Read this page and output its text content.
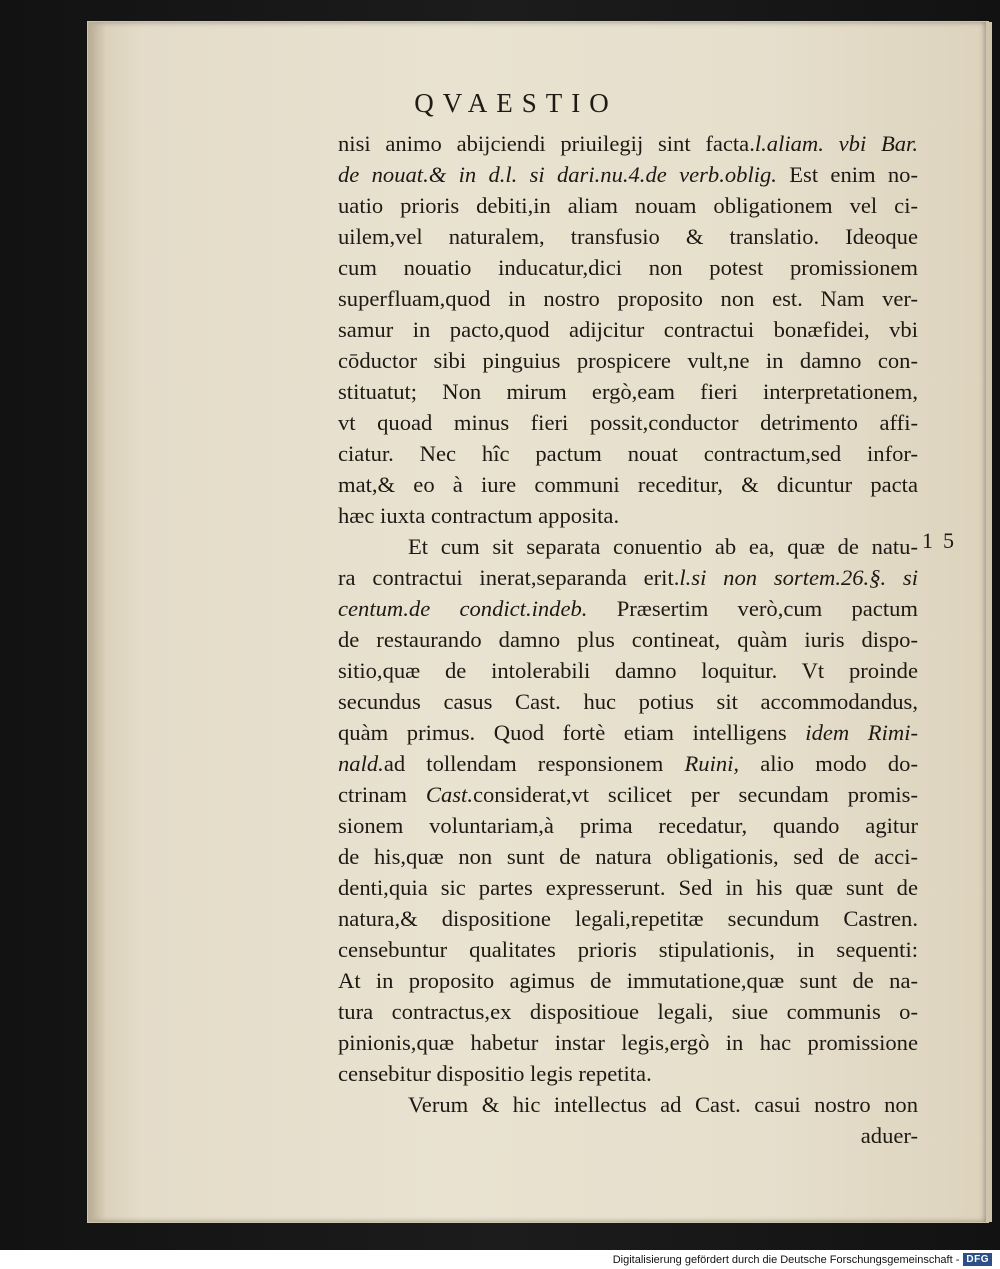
QVAESTIO
nisi animo abijciendi priuilegij sint facta.l.aliam. vbi Bar.
de nouat.& in d.l. si dari.nu.4.de verb.oblig. Est enim no-
uatio prioris debiti,in aliam nouam obligationem vel ci-
uilem,vel naturalem, transfusio & translatio. Ideoque
cum nouatio inducatur,dici non potest promissionem
superfluam,quod in nostro proposito non est. Nam ver-
samur in pacto,quod adijcitur contractui bonæfidei, vbi
cōductor sibi pinguius prospicere vult,ne in damno con-
stituatut; Non mirum ergò,eam fieri interpretationem,
vt quoad minus fieri possit,conductor detrimento affi-
ciatur. Nec hîc pactum nouat contractum,sed infor-
mat,& eo à iure communi receditur, & dicuntur pacta
hæc iuxta contractum apposita.
Et cum sit separata conuentio ab ea, quæ de natu-
ra contractui inerat,separanda erit.l.si non sortem.26.§. si
centum.de condict.indeb. Præsertim verò,cum pactum
de restaurando damno plus contineat, quàm iuris dispo-
sitio,quæ de intolerabili damno loquitur. Vt proinde
secundus casus Cast. huc potius sit accommodandus,
quàm primus. Quod fortè etiam intelligens idem Rimi-
nald.ad tollendam responsionem Ruini, alio modo do-
ctrinam Cast.considerat,vt scilicet per secundam promis-
sionem voluntariam,à prima recedatur, quando agitur
de his,quæ non sunt de natura obligationis, sed de acci-
denti,quia sic partes expresserunt. Sed in his quæ sunt de
natura,& dispositione legali,repetitæ secundum Castren.
censebuntur qualitates prioris stipulationis, in sequenti:
At in proposito agimus de immutatione,quæ sunt de na-
tura contractus,ex dispositioue legali, siue communis o-
pinionis,quæ habetur instar legis,ergò in hac promissione
censebitur dispositio legis repetita.
Verum & hic intellectus ad Cast. casui nostro non
aduer-
15
Digitalisierung gefördert durch die Deutsche Forschungsgemeinschaft - DFG
